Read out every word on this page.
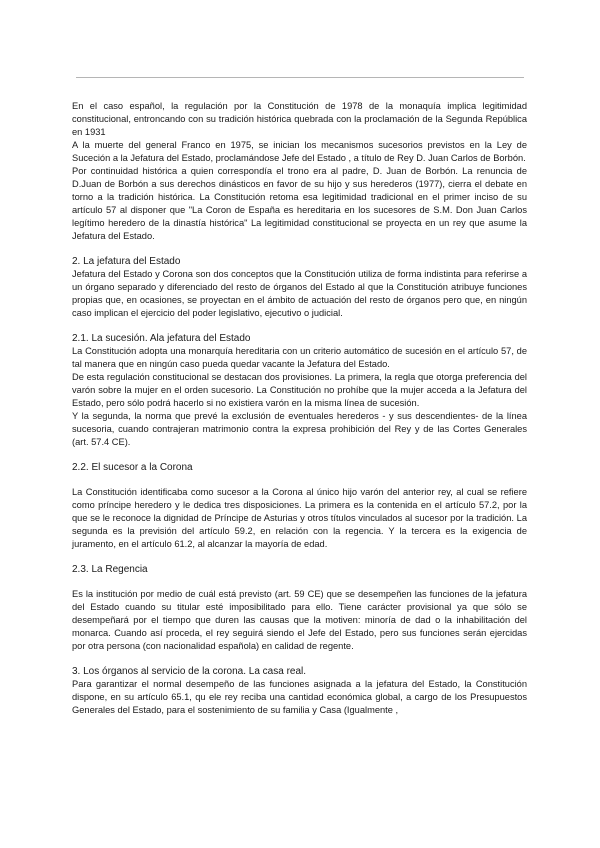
En el caso español, la regulación por la Constitución de 1978 de la monaquía implica legitimidad constitucional, entroncando con su tradición histórica quebrada con la proclamación de la Segunda República en 1931

A la muerte del general Franco en 1975, se inician los mecanismos sucesorios previstos en la Ley de Suceción a la Jefatura del Estado, proclamándose Jefe del Estado , a título de Rey D. Juan Carlos de Borbón.

Por continuidad histórica a quien correspondía el trono era al padre, D. Juan de Borbón. La renuncia de D.Juan de Borbón a sus derechos dinásticos en favor de su hijo y sus herederos (1977), cierra el debate en torno a la tradición histórica. La Constitución retoma esa legitimidad tradicional en el primer inciso de su artículo 57 al disponer que "La Coron de España es hereditaria en los sucesores de S.M. Don Juan Carlos legítimo heredero de la dinastía histórica" La legitimidad constitucional se proyecta en un rey que asume la Jefatura del Estado.

2. La jefatura del Estado

Jefatura del Estado y Corona son dos conceptos que la Constitución utiliza de forma indistinta para referirse a un órgano separado y diferenciado del resto de órganos del Estado al que la Constitución atribuye funciones propias que, en ocasiones, se proyectan en el ámbito de actuación del resto de órganos pero que, en ningún caso implican el ejercicio del poder legislativo, ejecutivo o judicial.

2.1. La sucesión. Ala jefatura del Estado

La Constitución adopta una monarquía hereditaria con un criterio automático de sucesión en el artículo 57, de tal manera que en ningún caso pueda quedar vacante la Jefatura del Estado.

De esta regulación constitucional se destacan dos provisiones. La primera, la regla que otorga preferencia del varón sobre la mujer en el orden sucesorio. La Constitución no prohíbe que la mujer acceda a la Jefatura del Estado, pero sólo podrá hacerlo si no existiera varón en la misma línea de sucesión.

Y la segunda, la norma que prevé la exclusión de eventuales herederos - y sus descendientes- de la línea sucesoria, cuando contrajeran matrimonio contra la expresa prohibición del Rey y de las Cortes Generales (art. 57.4 CE).

2.2. El sucesor a la Corona

La Constitución identificaba como sucesor a la Corona al único hijo varón del anterior rey, al cual se refiere como príncipe heredero y le dedica tres disposiciones. La primera es la contenida en el artículo 57.2, por la que se le reconoce la dignidad de Príncipe de Asturias y otros títulos vinculados al sucesor por la tradición. La segunda es la previsión del artículo 59.2, en relación con la regencia. Y la tercera es la exigencia de juramento, en el artículo 61.2, al alcanzar la mayoría de edad.

2.3. La Regencia

Es la institución por medio de cuál está previsto (art. 59 CE) que se desempeñen las funciones de la jefatura del Estado cuando su titular esté imposibilitado para ello. Tiene carácter provisional ya que sólo se desempeñará por el tiempo que duren las causas que la motiven: minoría de dad o la inhabilitación del monarca. Cuando así proceda, el rey seguirá siendo el Jefe del Estado, pero sus funciones serán ejercidas por otra persona (con nacionalidad española) en calidad de regente.

3. Los órganos al servicio de la corona. La casa real.

Para garantizar el normal desempeño de las funciones asignada a la jefatura del Estado, la Constitución dispone, en su artículo 65.1, qu ele rey reciba una cantidad económica global, a cargo de los Presupuestos Generales del Estado, para el sostenimiento de su familia y Casa (Igualmente ,
